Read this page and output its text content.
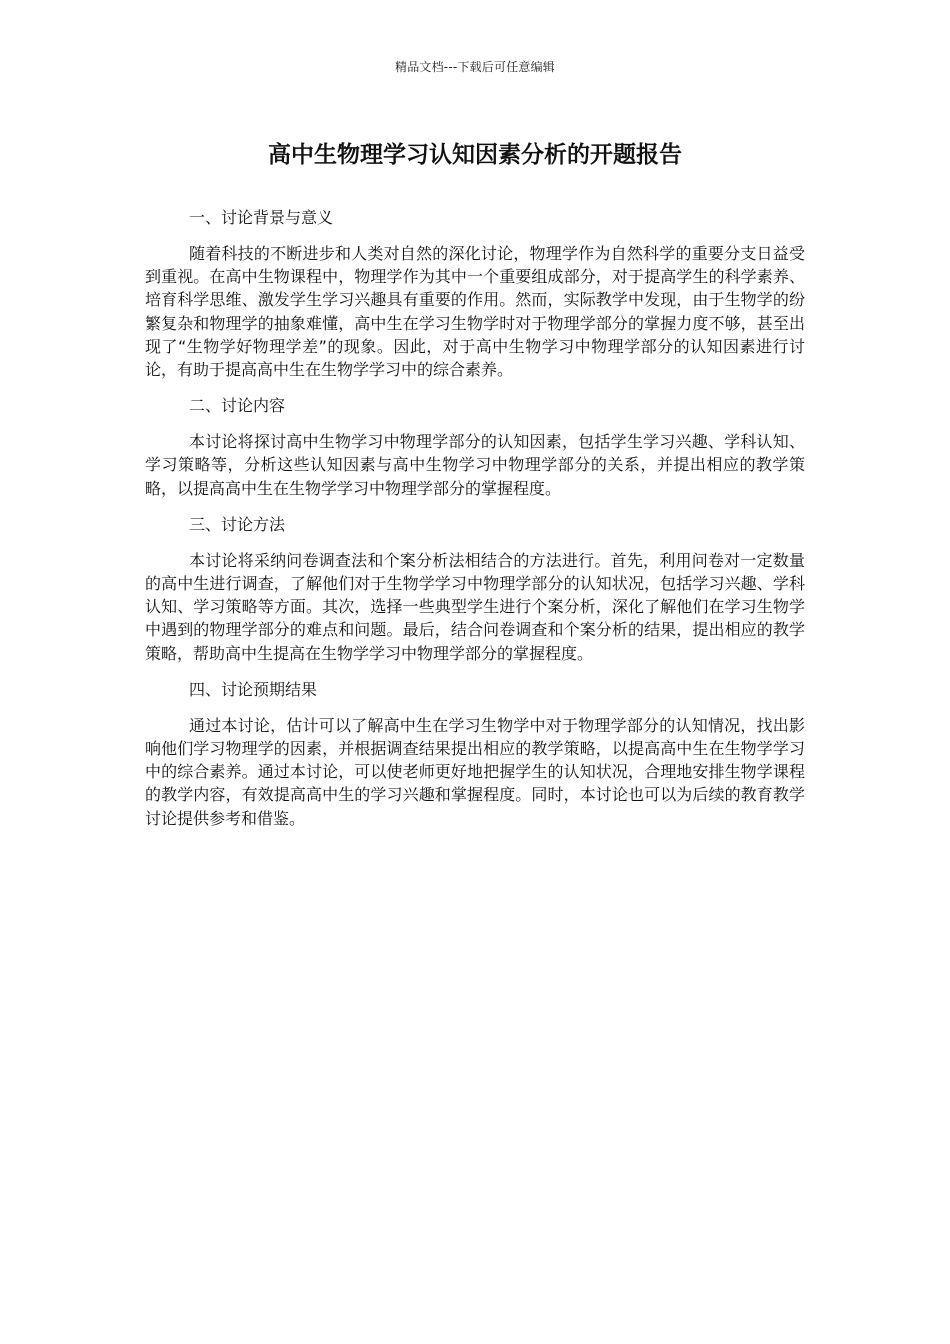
精品文档---下载后可任意编辑
高中生物理学习认知因素分析的开题报告

一、讨论背景与意义

随着科技的不断进步和人类对自然的深化讨论，物理学作为自然科学的重要分支日益受到重视。在高中生物课程中，物理学作为其中一个重要组成部分，对于提高学生的科学素养、培育科学思维、激发学生学习兴趣具有重要的作用。然而，实际教学中发现，由于生物学的纷繁复杂和物理学的抽象难懂，高中生在学习生物学时对于物理学部分的掌握力度不够，甚至出现了“生物学好物理学差”的现象。因此，对于高中生物学习中物理学部分的认知因素进行讨论，有助于提高高中生在生物学学习中的综合素养。

二、讨论内容

本讨论将探讨高中生物学习中物理学部分的认知因素，包括学生学习兴趣、学科认知、学习策略等，分析这些认知因素与高中生物学习中物理学部分的关系，并提出相应的教学策略，以提高高中生在生物学学习中物理学部分的掌握程度。

三、讨论方法

本讨论将采纳问卷调查法和个案分析法相结合的方法进行。首先，利用问卷对一定数量的高中生进行调查，了解他们对于生物学学习中物理学部分的认知状况，包括学习兴趣、学科认知、学习策略等方面。其次，选择一些典型学生进行个案分析，深化了解他们在学习生物学中遇到的物理学部分的难点和问题。最后，结合问卷调查和个案分析的结果，提出相应的教学策略，帮助高中生提高在生物学学习中物理学部分的掌握程度。

四、讨论预期结果

通过本讨论，估计可以了解高中生在学习生物学中对于物理学部分的认知情况，找出影响他们学习物理学的因素，并根据调查结果提出相应的教学策略，以提高高中生在生物学学习中的综合素养。通过本讨论，可以使老师更好地把握学生的认知状况，合理地安排生物学课程的教学内容，有效提高高中生的学习兴趣和掌握程度。同时，本讨论也可以为后续的教育教学讨论提供参考和借鉴。
